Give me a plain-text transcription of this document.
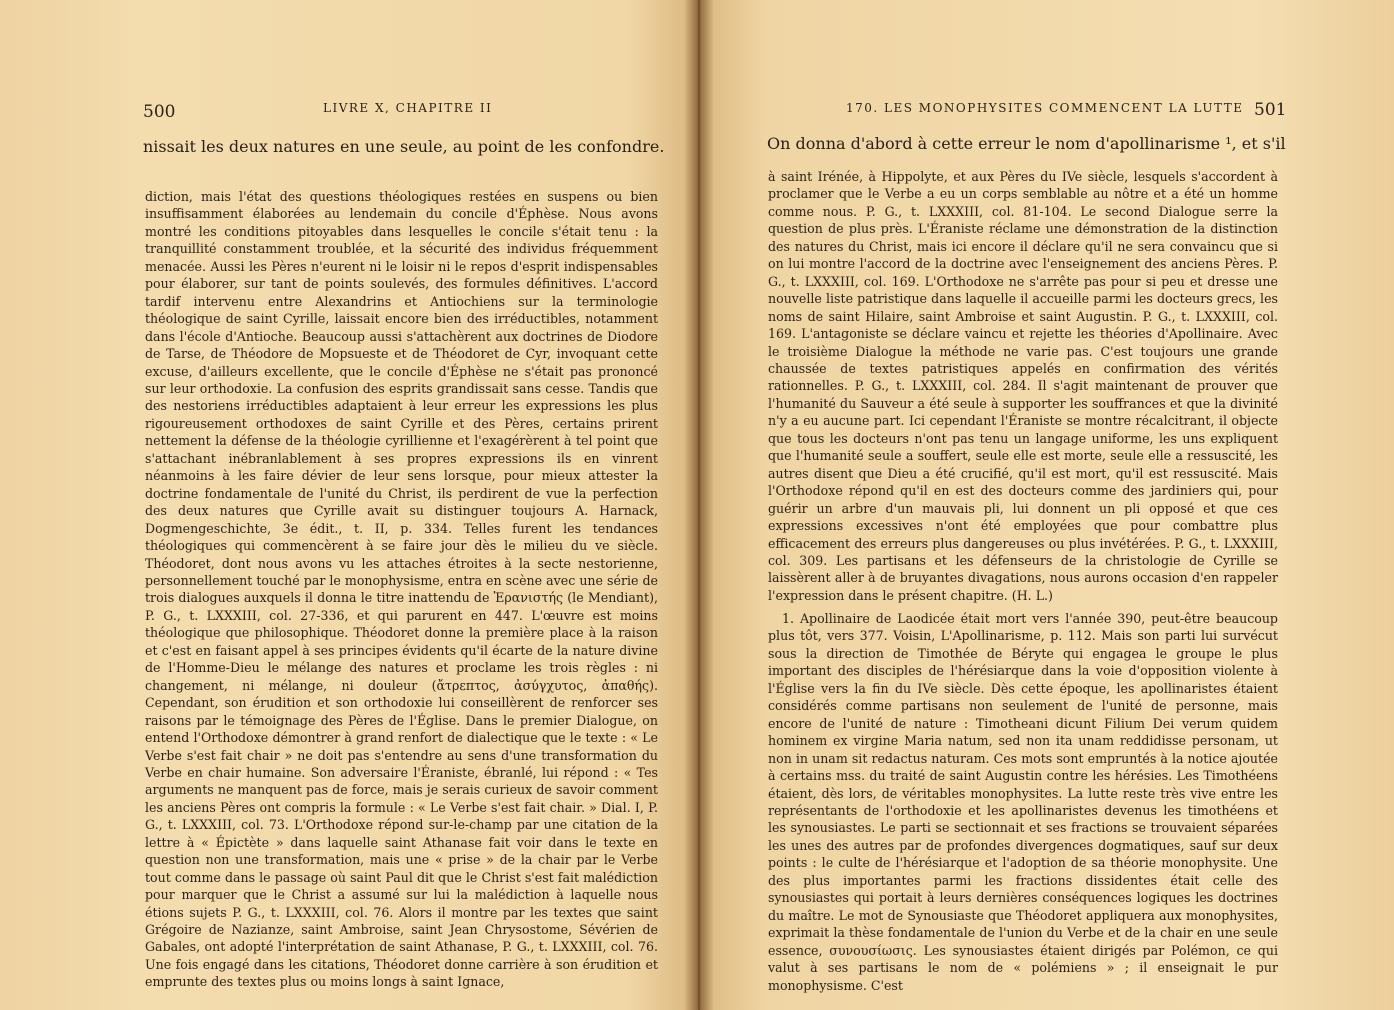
500	LIVRE X, CHAPITRE II
nissait les deux natures en une seule, au point de les confondre.

diction, mais l'état des questions théologiques restées en suspens ou bien insuffisamment élaborées au lendemain du concile d'Éphèse. Nous avons montré les conditions pitoyables dans lesquelles le concile s'était tenu : la tranquillité constamment troublée, et la sécurité des individus fréquemment menacée. Aussi les Pères n'eurent ni le loisir ni le repos d'esprit indispensables pour élaborer, sur tant de points soulevés, des formules définitives. L'accord tardif intervenu entre Alexandrins et Antiochiens sur la terminologie théologique de saint Cyrille, laissait encore bien des irréductibles, notamment dans l'école d'Antioche. Beaucoup aussi s'attachèrent aux doctrines de Diodore de Tarse, de Théodore de Mopsueste et de Théodoret de Cyr, invoquant cette excuse, d'ailleurs excellente, que le concile d'Éphèse ne s'était pas prononcé sur leur orthodoxie. La confusion des esprits grandissait sans cesse. Tandis que des nestoriens irréductibles adaptaient à leur erreur les expressions les plus rigoureusement orthodoxes de saint Cyrille et des Pères, certains prirent nettement la défense de la théologie cyrillienne et l'exagérèrent à tel point que s'attachant inébranlablement à ses propres expressions ils en vinrent néanmoins à les faire dévier de leur sens lorsque, pour mieux attester la doctrine fondamentale de l'unité du Christ, ils perdirent de vue la perfection des deux natures que Cyrille avait su distinguer toujours A. Harnack, Dogmengeschichte, 3e édit., t. II, p. 334. Telles furent les tendances théologiques qui commencèrent à se faire jour dès le milieu du ve siècle. Théodoret, dont nous avons vu les attaches étroites à la secte nestorienne, personnellement touché par le monophysisme, entra en scène avec une série de trois dialogues auxquels il donna le titre inattendu de Ἐρανιστής (le Mendiant), P. G., t. LXXXIII, col. 27-336, et qui parurent en 447. L'œuvre est moins théologique que philosophique. Théodoret donne la première place à la raison et c'est en faisant appel à ses principes évidents qu'il écarte de la nature divine de l'Homme-Dieu le mélange des natures et proclame les trois règles : ni changement, ni mélange, ni douleur (ἄτρεπτος, ἀσύγχυτος, ἀπαθής). Cependant, son érudition et son orthodoxie lui conseillèrent de renforcer ses raisons par le témoignage des Pères de l'Église. Dans le premier Dialogue, on entend l'Orthodoxe démontrer à grand renfort de dialectique que le texte : « Le Verbe s'est fait chair » ne doit pas s'entendre au sens d'une transformation du Verbe en chair humaine. Son adversaire l'Éraniste, ébranlé, lui répond : « Tes arguments ne manquent pas de force, mais je serais curieux de savoir comment les anciens Pères ont compris la formule : « Le Verbe s'est fait chair. » Dial. I, P. G., t. LXXXIII, col. 73. L'Orthodoxe répond sur-le-champ par une citation de la lettre à « Épictète » dans laquelle saint Athanase fait voir dans le texte en question non une transformation, mais une « prise » de la chair par le Verbe tout comme dans le passage où saint Paul dit que le Christ s'est fait malédiction pour marquer que le Christ a assumé sur lui la malédiction à laquelle nous étions sujets P. G., t. LXXXIII, col. 76. Alors il montre par les textes que saint Grégoire de Nazianze, saint Ambroise, saint Jean Chrysostome, Sévérien de Gabales, ont adopté l'interprétation de saint Athanase, P. G., t. LXXXIII, col. 76. Une fois engagé dans les citations, Théodoret donne carrière à son érudition et emprunte des textes plus ou moins longs à saint Ignace,

170. LES MONOPHYSITES COMMENCENT LA LUTTE 501
On donna d'abord à cette erreur le nom d'apollinarisme ¹, et s'il

à saint Irénée, à Hippolyte, et aux Pères du IVe siècle, lesquels s'accordent à proclamer que le Verbe a eu un corps semblable au nôtre et a été un homme comme nous. P. G., t. LXXXIII, col. 81-104. Le second Dialogue serre la question de plus près. L'Éraniste réclame une démonstration de la distinction des natures du Christ, mais ici encore il déclare qu'il ne sera convaincu que si on lui montre l'accord de la doctrine avec l'enseignement des anciens Pères. P. G., t. LXXXIII, col. 169. L'Orthodoxe ne s'arrête pas pour si peu et dresse une nouvelle liste patristique dans laquelle il accueille parmi les docteurs grecs, les noms de saint Hilaire, saint Ambroise et saint Augustin. P. G., t. LXXXIII, col. 169. L'antagoniste se déclare vaincu et rejette les théories d'Apollinaire. Avec le troisième Dialogue la méthode ne varie pas. C'est toujours une grande chaussée de textes patristiques appelés en confirmation des vérités rationnelles. P. G., t. LXXXIII, col. 284. Il s'agit maintenant de prouver que l'humanité du Sauveur a été seule à supporter les souffrances et que la divinité n'y a eu aucune part. Ici cependant l'Éraniste se montre récalcitrant, il objecte que tous les docteurs n'ont pas tenu un langage uniforme, les uns expliquent que l'humanité seule a souffert, seule elle est morte, seule elle a ressuscité, les autres disent que Dieu a été crucifié, qu'il est mort, qu'il est ressuscité. Mais l'Orthodoxe répond qu'il en est des docteurs comme des jardiniers qui, pour guérir un arbre d'un mauvais pli, lui donnent un pli opposé et que ces expressions excessives n'ont été employées que pour combattre plus efficacement des erreurs plus dangereuses ou plus invétérées. P. G., t. LXXXIII, col. 309. Les partisans et les défenseurs de la christologie de Cyrille se laissèrent aller à de bruyantes divagations, nous aurons occasion d'en rappeler l'expression dans le présent chapitre. (H. L.)

1. Apollinaire de Laodicée était mort vers l'année 390, peut-être beaucoup plus tôt, vers 377. Voisin, L'Apollinarisme, p. 112. Mais son parti lui survécut sous la direction de Timothée de Béryte qui engagea le groupe le plus important des disciples de l'hérésiarque dans la voie d'opposition violente à l'Église vers la fin du IVe siècle. Dès cette époque, les apollinaristes étaient considérés comme partisans non seulement de l'unité de personne, mais encore de l'unité de nature : Timotheani dicunt Filium Dei verum quidem hominem ex virgine Maria natum, sed non ita unam reddidisse personam, ut non in unam sit redactus naturam. Ces mots sont empruntés à la notice ajoutée à certains mss. du traité de saint Augustin contre les hérésies. Les Timothéens étaient, dès lors, de véritables monophysites. La lutte reste très vive entre les représentants de l'orthodoxie et les apollinaristes devenus les timothéens et les synousiastes. Le parti se sectionnait et ses fractions se trouvaient séparées les unes des autres par de profondes divergences dogmatiques, sauf sur deux points : le culte de l'hérésiarque et l'adoption de sa théorie monophysite. Une des plus importantes parmi les fractions dissidentes était celle des synousiastes qui portait à leurs dernières conséquences logiques les doctrines du maître. Le mot de Synousiaste que Théodoret appliquera aux monophysites, exprimait la thèse fondamentale de l'union du Verbe et de la chair en une seule essence, συνουσίωσις. Les synousiastes étaient dirigés par Polémon, ce qui valut à ses partisans le nom de « polémiens » ; il enseignait le pur monophysisme. C'est
